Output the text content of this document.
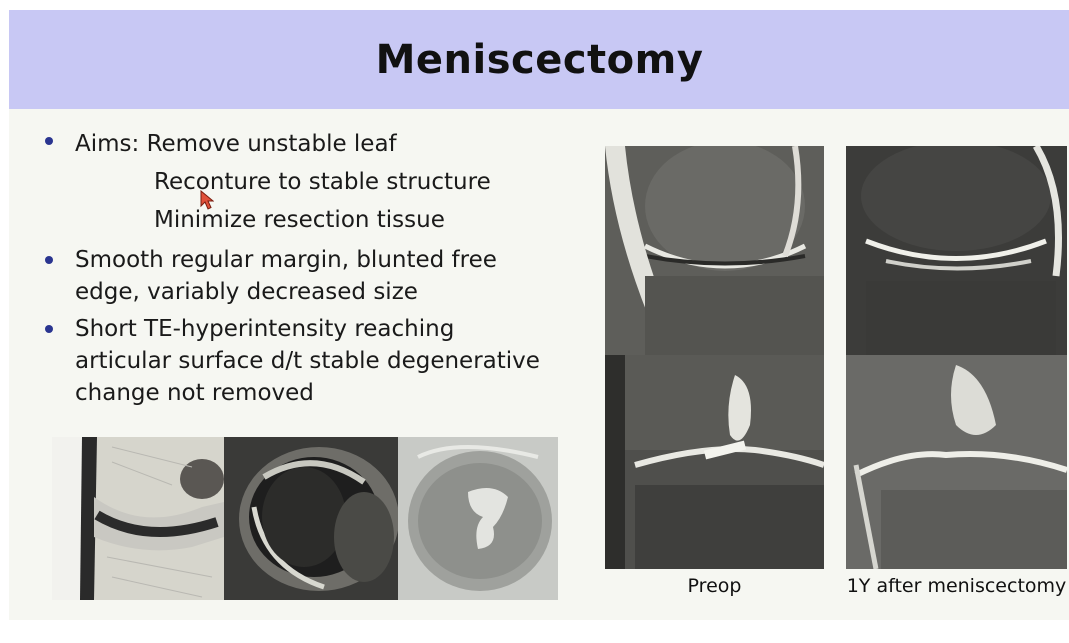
Meniscectomy
Aims: Remove unstable leaf
Reconture to stable structure
Minimize resection tissue
Smooth regular margin, blunted free
edge, variably decreased size
Short TE-hyperintensity reaching
articular surface d/t stable degenerative
change not removed
Preop	1Y after meniscectomy
